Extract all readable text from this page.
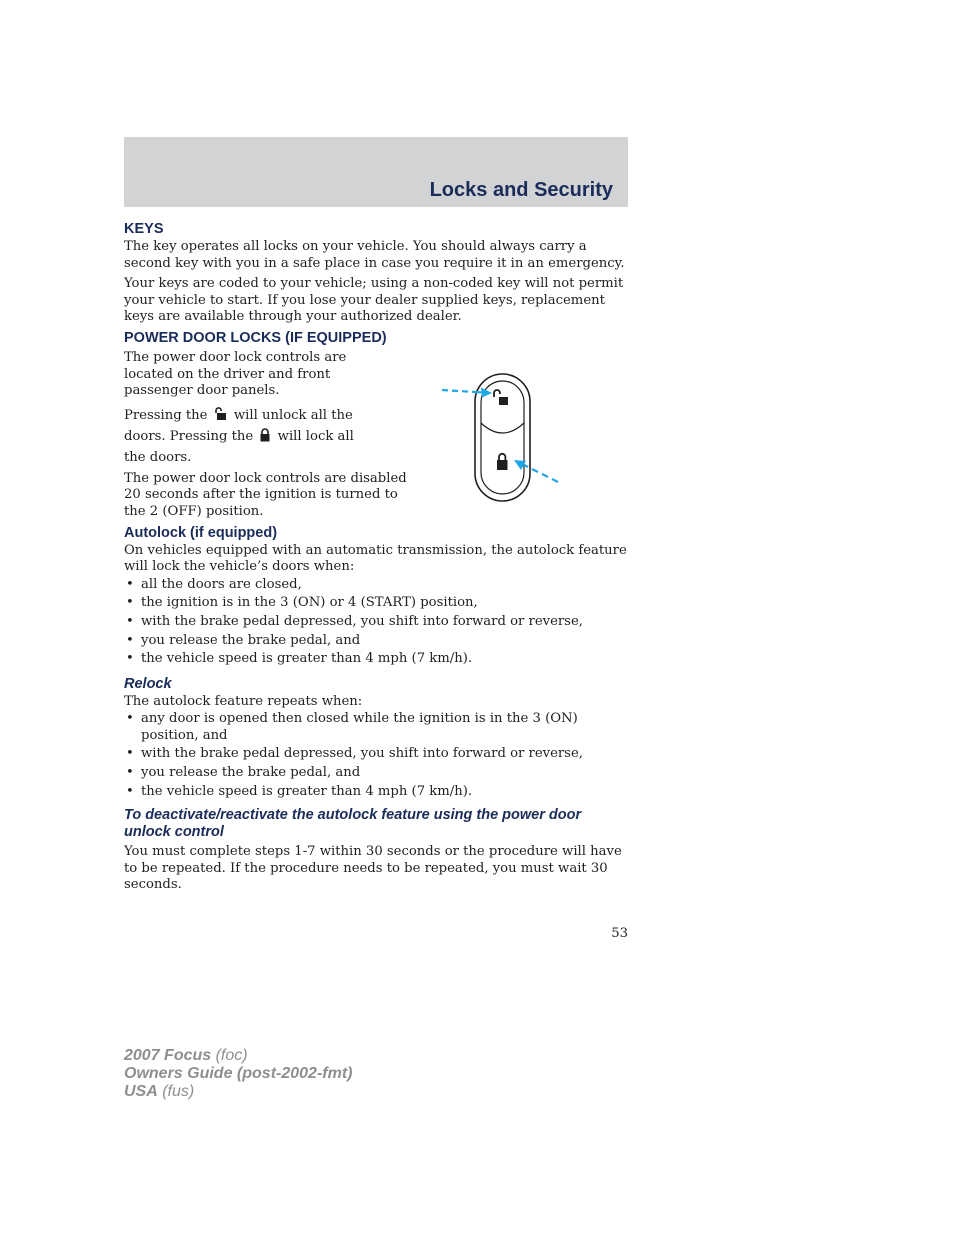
Locks and Security
KEYS

The key operates all locks on your vehicle. You should always carry a second key with you in a safe place in case you require it in an emergency.

Your keys are coded to your vehicle; using a non-coded key will not permit your vehicle to start. If you lose your dealer supplied keys, replacement keys are available through your authorized dealer.

POWER DOOR LOCKS (IF EQUIPPED)

The power door lock controls are located on the driver and front passenger door panels.

Pressing the will unlock all the doors. Pressing the will lock all the doors.

The power door lock controls are disabled 20 seconds after the ignition is turned to the 2 (OFF) position.

Autolock (if equipped)

On vehicles equipped with an automatic transmission, the autolock feature will lock the vehicle’s doors when:

• all the doors are closed,
• the ignition is in the 3 (ON) or 4 (START) position,
• with the brake pedal depressed, you shift into forward or reverse,
• you release the brake pedal, and
• the vehicle speed is greater than 4 mph (7 km/h).
Relock

The autolock feature repeats when:

• any door is opened then closed while the ignition is in the 3 (ON) position, and
• with the brake pedal depressed, you shift into forward or reverse,
• you release the brake pedal, and
• the vehicle speed is greater than 4 mph (7 km/h).
To deactivate/reactivate the autolock feature using the power door unlock control

You must complete steps 1-7 within 30 seconds or the procedure will have to be repeated. If the procedure needs to be repeated, you must wait 30 seconds.

53
2007 Focus (foc)
Owners Guide (post-2002-fmt)
USA (fus)
